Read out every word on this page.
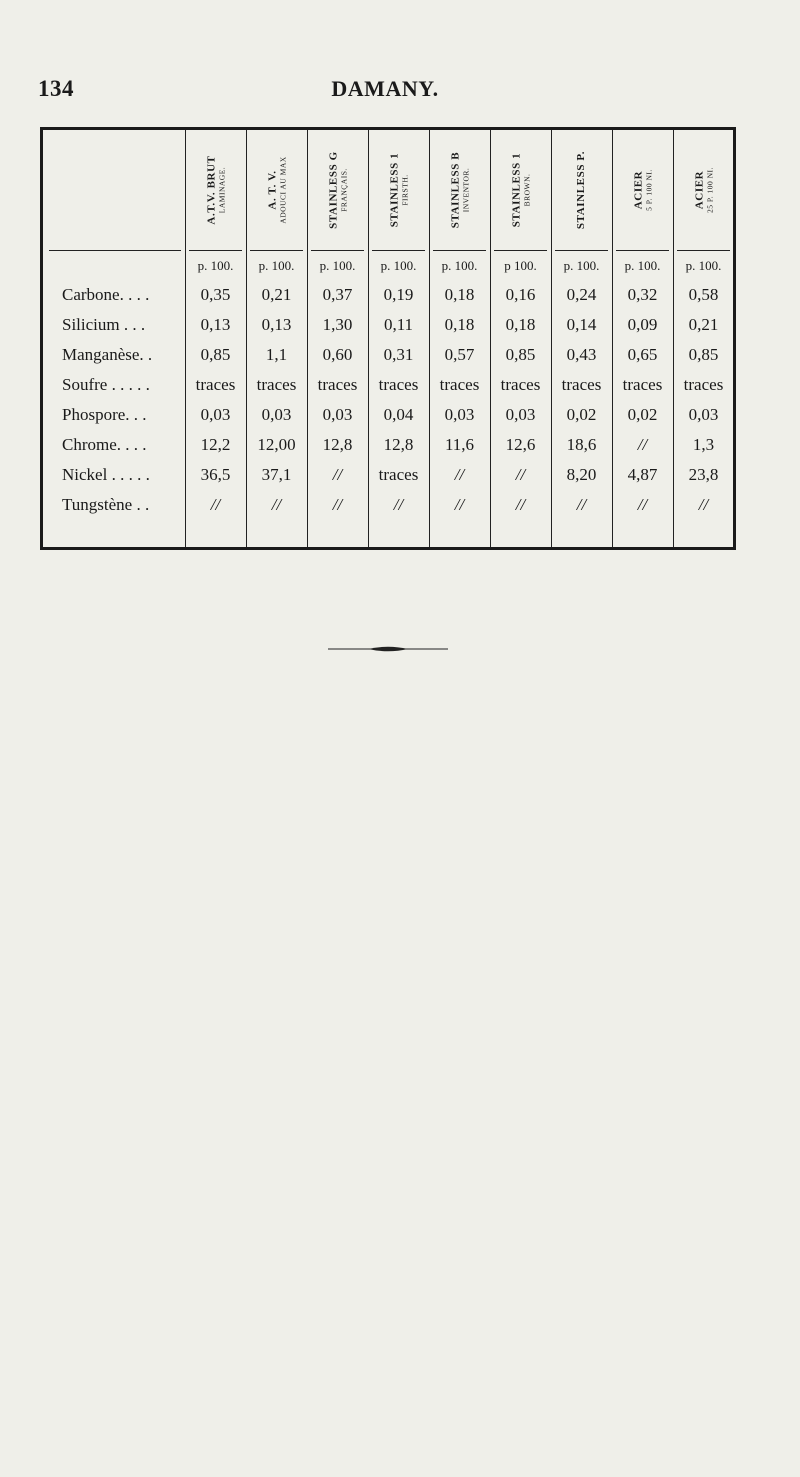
134	DAMANY.
A.T.V. BRUT LAMINAGE.	A. T. V. ADOUCI AU MAX	STAINLESS G FRANÇAIS.	STAINLESS 1 FIRSTH.	STAINLESS B INVENTOR.	STAINLESS 1 BROWN.	STAINLESS P.	ACIER 5 P. 100 NI.	ACIER 25 P. 100 NI.
p. 100.	p. 100.	p. 100.	p. 100.	p. 100.	p 100.	p. 100.	p. 100.	p. 100.
Carbone. . . .	0,35	0,21	0,37	0,19	0,18	0,16	0,24	0,32	0,58
Silicium . . .	0,13	0,13	1,30	0,11	0,18	0,18	0,14	0,09	0,21
Manganèse. .	0,85	1,1	0,60	0,31	0,57	0,85	0,43	0,65	0,85
Soufre . . . . .	traces	traces	traces	traces	traces	traces	traces	traces	traces
Phospore. . .	0,03	0,03	0,03	0,04	0,03	0,03	0,02	0,02	0,03
Chrome. . . .	12,2	12,00	12,8	12,8	11,6	12,6	18,6	//	1,3
Nickel . . . . .	36,5	37,1	//	traces	//	//	8,20	4,87	23,8
Tungstène . .	//	//	//	//	//	//	//	//	//
